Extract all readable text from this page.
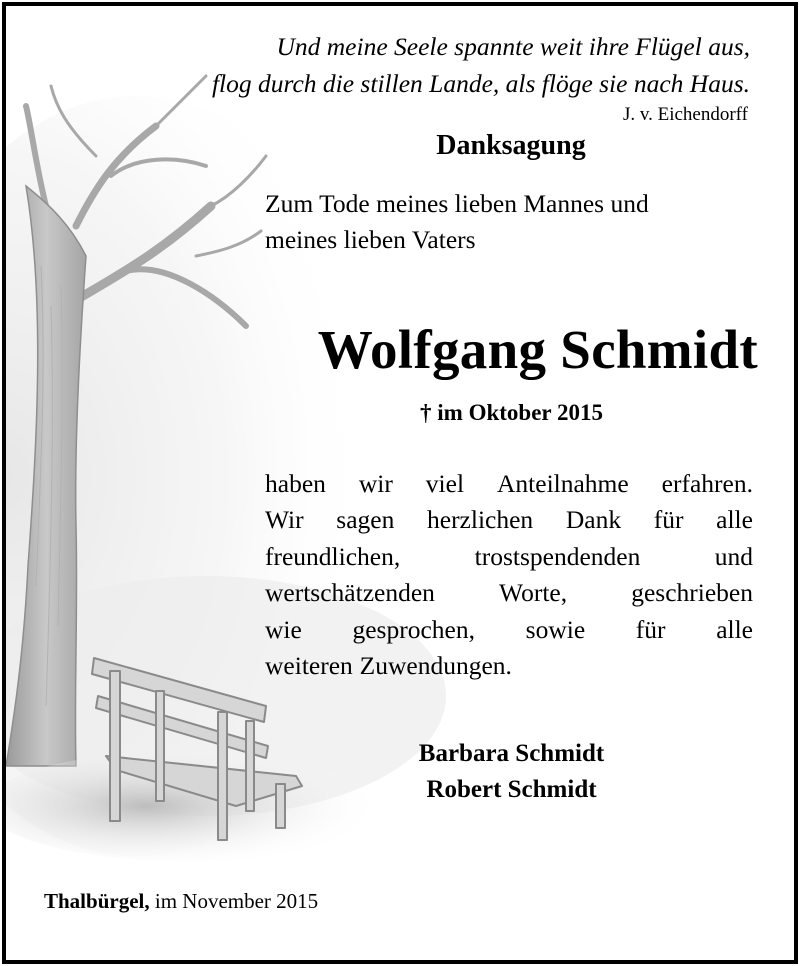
Und meine Seele spannte weit ihre Flügel aus,
flog durch die stillen Lande, als flöge sie nach Haus.
J. v. Eichendorff
Danksagung
Zum Tode meines lieben Mannes und
meines lieben Vaters
Wolfgang Schmidt
† im Oktober 2015
haben wir viel Anteilnahme erfahren.
Wir sagen herzlichen Dank für alle
freundlichen,	trostspendenden	und
wertschätzenden	Worte,	geschrieben
wie gesprochen, sowie für alle
weiteren Zuwendungen.
Barbara Schmidt
Robert Schmidt
Thalbürgel, im November 2015
